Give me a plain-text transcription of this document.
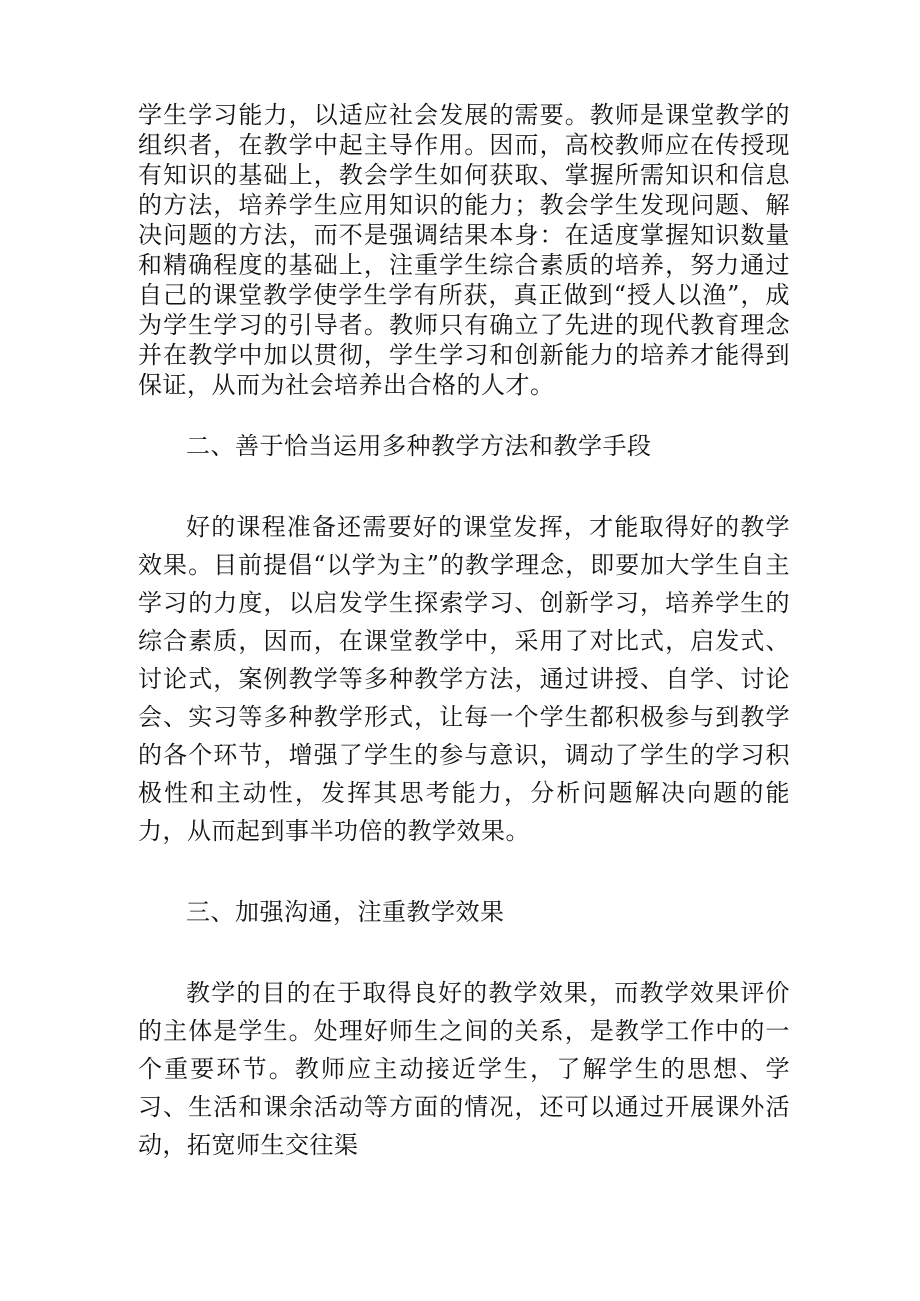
学生学习能力，以适应社会发展的需要。教师是课堂教学的组织者，在教学中起主导作用。因而，高校教师应在传授现有知识的基础上，教会学生如何获取、掌握所需知识和信息的方法，培养学生应用知识的能力；教会学生发现问题、解决问题的方法，而不是强调结果本身：在适度掌握知识数量和精确程度的基础上，注重学生综合素质的培养，努力通过自己的课堂教学使学生学有所获，真正做到“授人以渔”，成为学生学习的引导者。教师只有确立了先进的现代教育理念并在教学中加以贯彻，学生学习和创新能力的培养才能得到保证，从而为社会培养出合格的人才。

二、善于恰当运用多种教学方法和教学手段

好的课程准备还需要好的课堂发挥，才能取得好的教学效果。目前提倡“以学为主”的教学理念，即要加大学生自主学习的力度，以启发学生探索学习、创新学习，培养学生的综合素质，因而，在课堂教学中，采用了对比式，启发式、讨论式，案例教学等多种教学方法，通过讲授、自学、讨论会、实习等多种教学形式，让每一个学生都积极参与到教学的各个环节，增强了学生的参与意识，调动了学生的学习积极性和主动性，发挥其思考能力，分析问题解决向题的能力，从而起到事半功倍的教学效果。

三、加强沟通，注重教学效果

教学的目的在于取得良好的教学效果，而教学效果评价的主体是学生。处理好师生之间的关系，是教学工作中的一个重要环节。教师应主动接近学生，了解学生的思想、学习、生活和课余活动等方面的情况，还可以通过开展课外活动，拓宽师生交往渠
